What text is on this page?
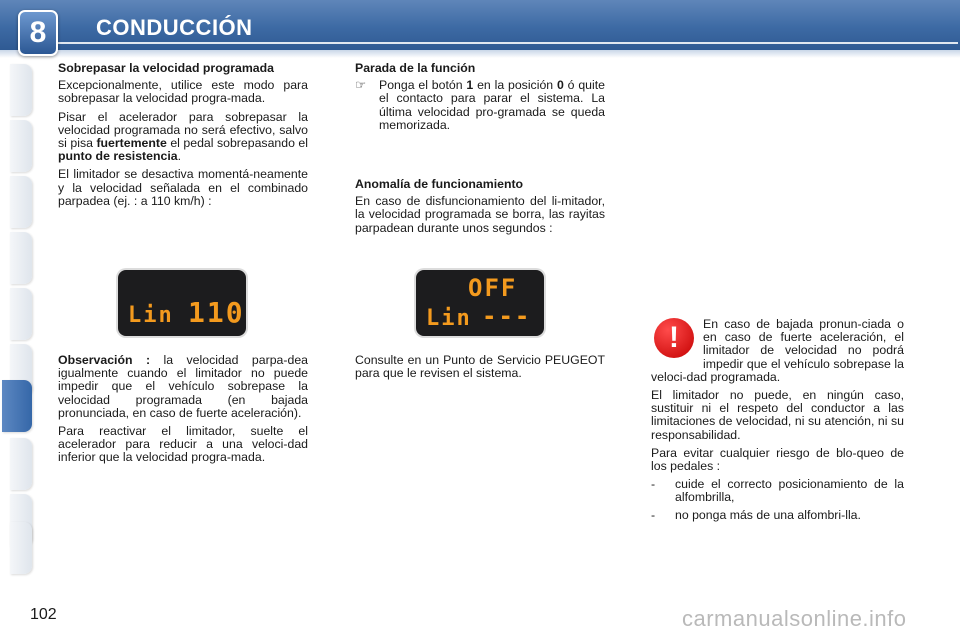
8	CONDUCCIÓN
Sobrepasar la velocidad programada

Excepcionalmente, utilice este modo para sobrepasar la velocidad progra-mada.

Pisar el acelerador para sobrepasar la velocidad programada no será efectivo, salvo si pisa fuertemente el pedal sobrepasando el punto de resistencia.

El limitador se desactiva momentá-neamente y la velocidad señalada en el combinado parpadea (ej. : a 110 km/h) :

Lin 110

Observación : la velocidad parpa-dea igualmente cuando el limitador no puede impedir que el vehículo sobrepase la velocidad programada (en bajada pronunciada, en caso de fuerte aceleración).

Para reactivar el limitador, suelte el acelerador para reducir a una veloci-dad inferior que la velocidad progra-mada.

Parada de la función
☞ Ponga el botón 1 en la posición 0 ó quite el contacto para parar el sistema. La última velocidad pro-gramada se queda memorizada.
Anomalía de funcionamiento

En caso de disfuncionamiento del li-mitador, la velocidad programada se borra, las rayitas parpadean durante unos segundos :

OFF
Lin ---

Consulte en un Punto de Servicio PEUGEOT para que le revisen el sistema.

!	En caso de bajada pronun-ciada o en caso de fuerte aceleración, el limitador de velocidad no podrá impedir que el vehículo sobrepase la veloci-dad programada.

El limitador no puede, en ningún caso, sustituir ni el respeto del conductor a las limitaciones de velocidad, ni su atención, ni su responsabilidad.

Para evitar cualquier riesgo de blo-queo de los pedales :

-	cuide el correcto posicionamiento de la alfombrilla,
-	no ponga más de una alfombri-lla.
102	carmanualsonline.info
